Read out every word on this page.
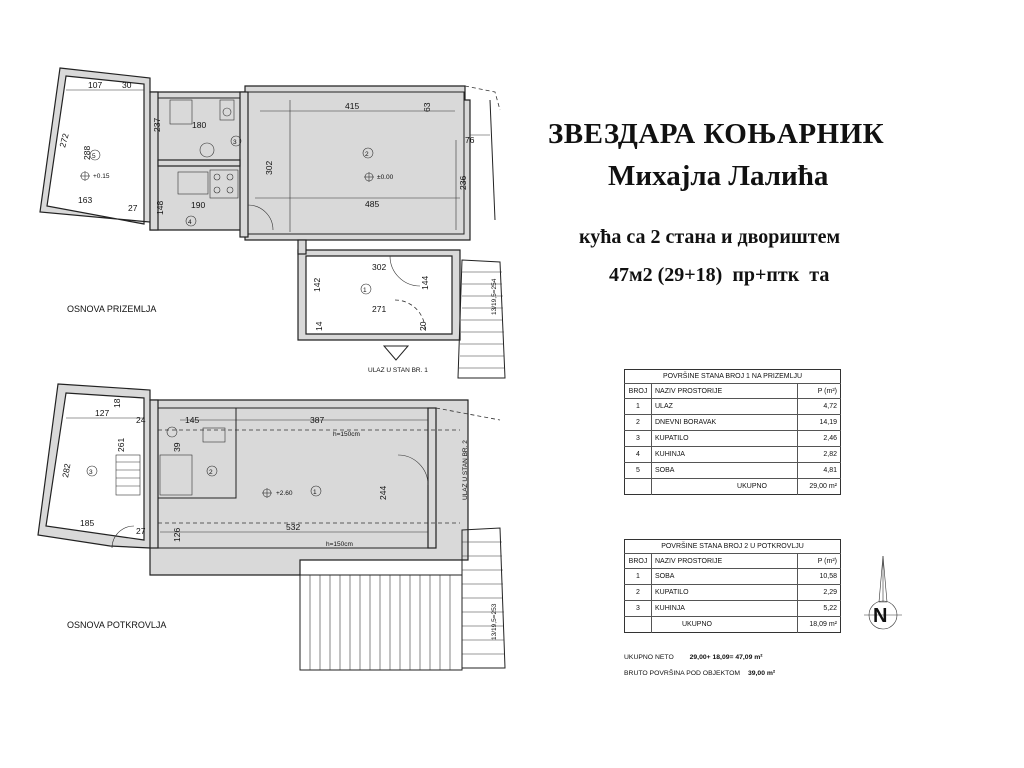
ЗВЕЗДАРА КОЊАРНИК
Михајла Лалића
кућа са 2 стана и двориштем
47м2 (29+18)  пр+птк  та
5	2
3
4
1
+0.15	±0.00
107 30
237	180
415	63
76
272
288
302
236
163
27 148	190	485
302
142
271
144
20
14
13/19,5=254
ULAZ U STAN BR. 1
OSNOVA PRIZEMLJA
1
2
3
+2.60
h=150cm
h=150cm
127
18
24	145	387
282
261	39
244
185
27	126
532
ULAZ U STAN BR. 2
13/19,5=253
OSNOVA POTKROVLJA	N
POVRŠINE STANA BROJ 1 NA PRIZEMLJU		
BROJ	NAZIV PROSTORIJE	P (m²)
1	ULAZ	4,72
2	DNEVNI BORAVAK	14,19
3	KUPATILO	2,46
4	KUHINJA	2,82
5	SOBA	4,81
	UKUPNO	29,00 m²
POVRŠINE STANA BROJ 2 U POTKROVLJU		
BROJ	NAZIV PROSTORIJE	P (m²)
1	SOBA	10,58
2	KUPATILO	2,29
3	KUHINJA	5,22
	UKUPNO	18,09 m²
UKUPNO NETO 29,00+ 18,09= 47,09 m²
BRUTO POVRŠINA POD OBJEKTOM 39,00 m²
